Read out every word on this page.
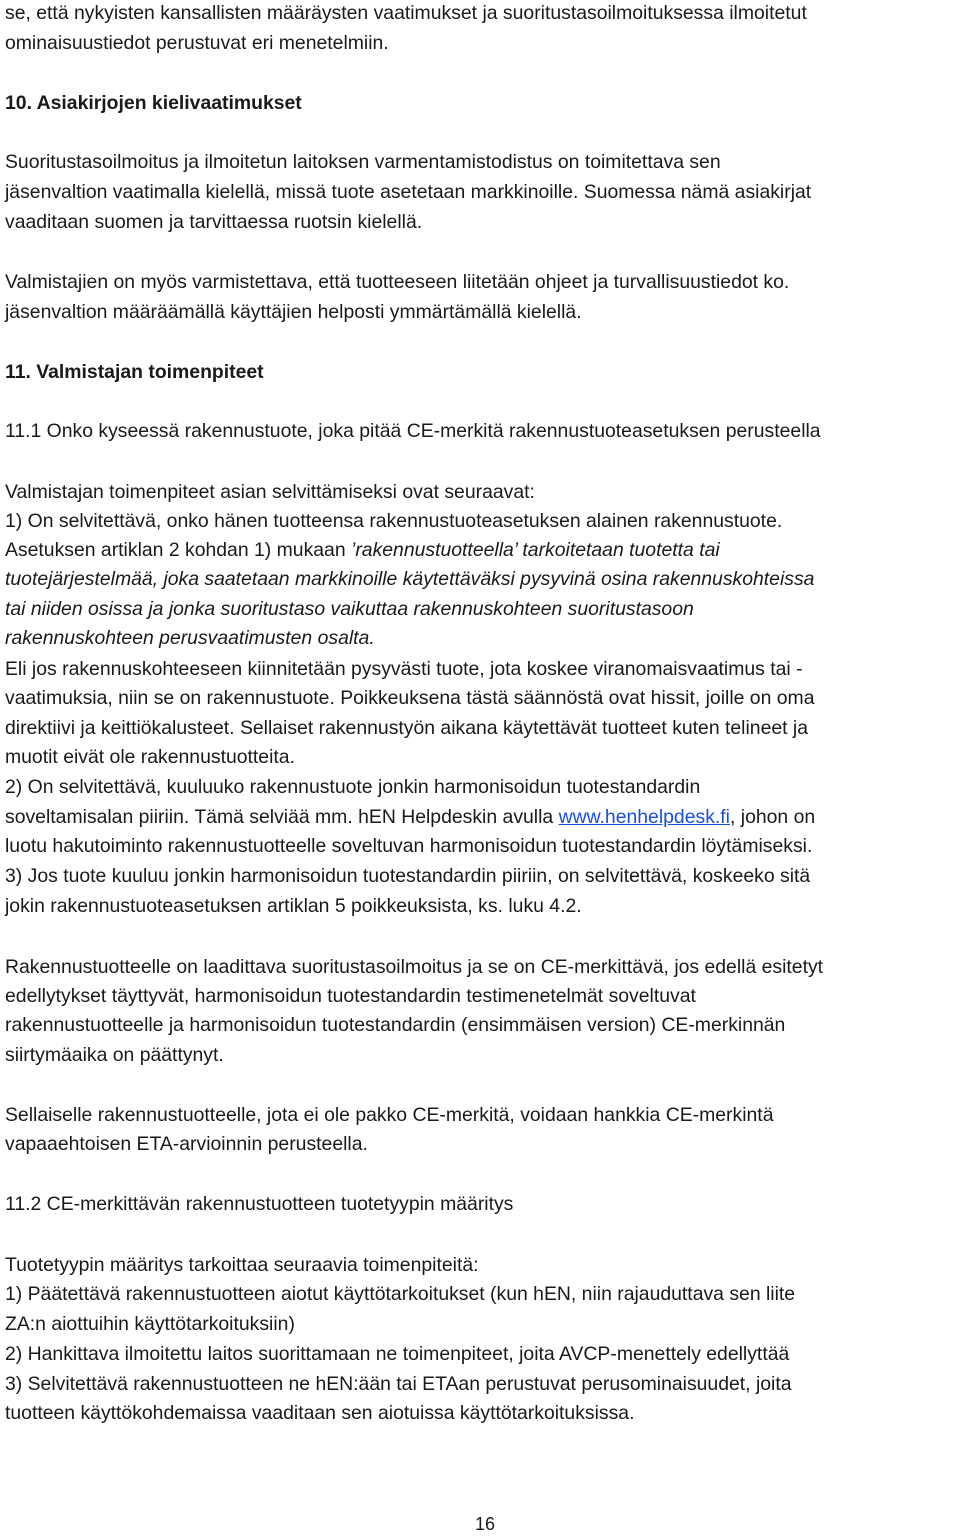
se, että nykyisten kansallisten määräysten vaatimukset ja suoritustasoilmoituksessa ilmoitetut
ominaisuustiedot perustuvat eri menetelmiin.
10. Asiakirjojen kielivaatimukset
Suoritustasoilmoitus ja ilmoitetun laitoksen varmentamistodistus on toimitettava sen
jäsenvaltion vaatimalla kielellä, missä tuote asetetaan markkinoille. Suomessa nämä asiakirjat
vaaditaan suomen ja tarvittaessa ruotsin kielellä.
Valmistajien on myös varmistettava, että tuotteeseen liitetään ohjeet ja turvallisuustiedot ko.
jäsenvaltion määräämällä käyttäjien helposti ymmärtämällä kielellä.
11. Valmistajan toimenpiteet
11.1 Onko kyseessä rakennustuote, joka pitää CE-merkitä rakennustuoteasetuksen perusteella
Valmistajan toimenpiteet asian selvittämiseksi ovat seuraavat:
1) On selvitettävä, onko hänen tuotteensa rakennustuoteasetuksen alainen rakennustuote.
Asetuksen artiklan 2 kohdan 1) mukaan ’rakennustuotteella’ tarkoitetaan tuotetta tai
tuotejärjestelmää, joka saatetaan markkinoille käytettäväksi pysyvinä osina rakennuskohteissa
tai niiden osissa ja jonka suoritustaso vaikuttaa rakennuskohteen suoritustasoon
rakennuskohteen perusvaatimusten osalta.
Eli jos rakennuskohteeseen kiinnitetään pysyvästi tuote, jota koskee viranomaisvaatimus tai -
vaatimuksia, niin se on rakennustuote. Poikkeuksena tästä säännöstä ovat hissit, joille on oma
direktiivi ja keittiökalusteet. Sellaiset rakennustyön aikana käytettävät tuotteet kuten telineet ja
muotit eivät ole rakennustuotteita.
2) On selvitettävä, kuuluuko rakennustuote jonkin harmonisoidun tuotestandardin
soveltamisalan piiriin. Tämä selviää mm. hEN Helpdeskin avulla www.henhelpdesk.fi, johon on
luotu hakutoiminto rakennustuotteelle soveltuvan harmonisoidun tuotestandardin löytämiseksi.
3) Jos tuote kuuluu jonkin harmonisoidun tuotestandardin piiriin, on selvitettävä, koskeeko sitä
jokin rakennustuoteasetuksen artiklan 5 poikkeuksista, ks. luku 4.2.
Rakennustuotteelle on laadittava suoritustasoilmoitus ja se on CE-merkittävä, jos edellä esitetyt
edellytykset täyttyvät, harmonisoidun tuotestandardin testimenetelmät soveltuvat
rakennustuotteelle ja harmonisoidun tuotestandardin (ensimmäisen version) CE-merkinnän
siirtymäaika on päättynyt.
Sellaiselle rakennustuotteelle, jota ei ole pakko CE-merkitä, voidaan hankkia CE-merkintä
vapaaehtoisen ETA-arvioinnin perusteella.
11.2 CE-merkittävän rakennustuotteen tuotetyypin määritys
Tuotetyypin määritys tarkoittaa seuraavia toimenpiteitä:
1) Päätettävä rakennustuotteen aiotut käyttötarkoitukset (kun hEN, niin rajauduttava sen liite
ZA:n aiottuihin käyttötarkoituksiin)
2) Hankittava ilmoitettu laitos suorittamaan ne toimenpiteet, joita AVCP-menettely edellyttää
3) Selvitettävä rakennustuotteen ne hEN:ään tai ETAan perustuvat perusominaisuudet, joita
tuotteen käyttökohdemaissa vaaditaan sen aiotuissa käyttötarkoituksissa.
16
